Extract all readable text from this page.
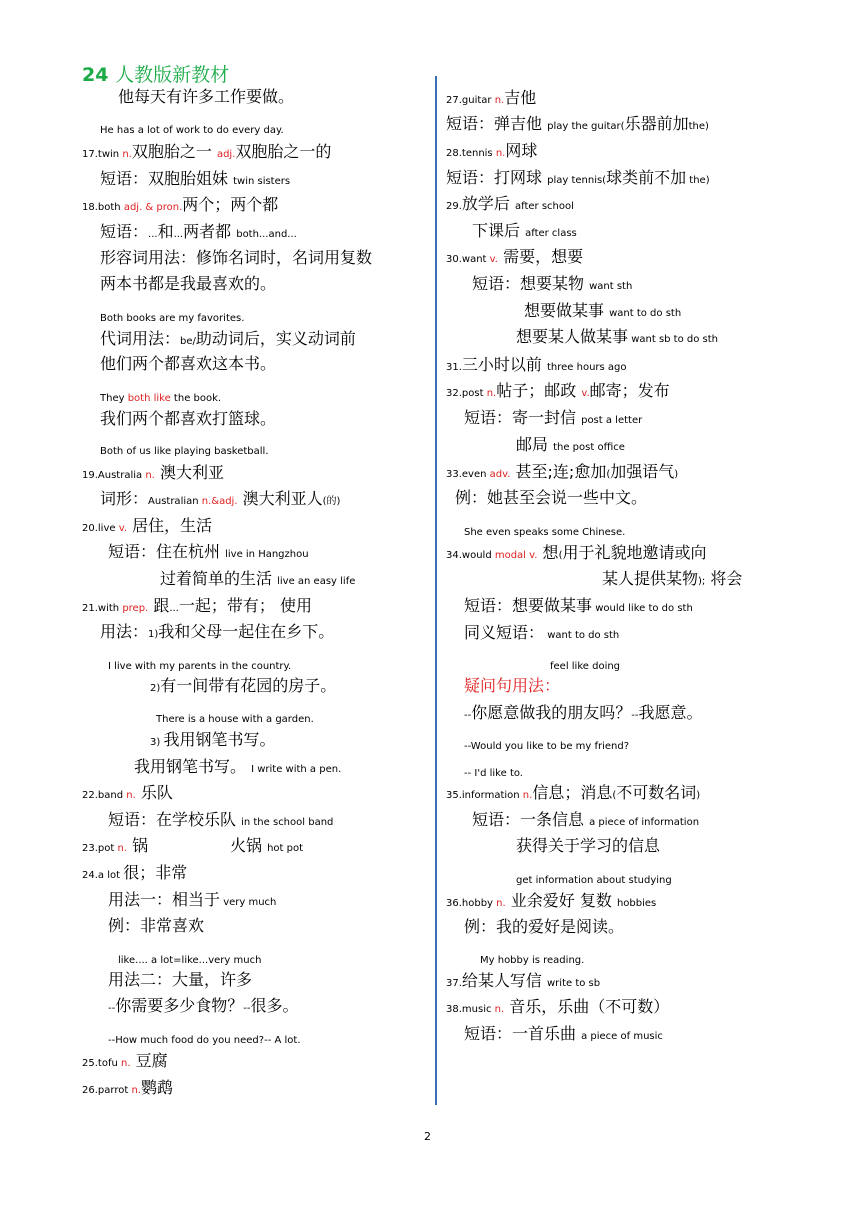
24 人教版新教材
他每天有许多工作要做。
He has a lot of work to do every day.
17.twin n.双胞胎之一 adj.双胞胎之一的
短语：双胞胎姐妹 twin sisters
18.both adj. & pron.两个；两个都
短语：...和...两者都 both...and...
形容词用法：修饰名词时，名词用复数
两本书都是我最喜欢的。
Both books are my favorites.
代词用法：be/助动词后，实义动词前
他们两个都喜欢这本书。
They both like the book.
我们两个都喜欢打篮球。
Both of us like playing basketball.
19.Australia n. 澳大利亚
词形：Australian n.&adj. 澳大利亚人(的)
20.live v. 居住，生活
短语：住在杭州 live in Hangzhou
过着简单的生活 live an easy life
21.with prep. 跟...一起；带有； 使用
用法：1)我和父母一起住在乡下。
I live with my parents in the country.
2)有一间带有花园的房子。
There is a house with a garden.
3) 我用钢笔书写。
我用钢笔书写。 I write with a pen.
22.band n. 乐队
短语：在学校乐队 in the school band
23.pot n. 锅	火锅 hot pot
24.a lot 很；非常
用法一：相当于 very much
例：非常喜欢
like.... a lot=like...very much
用法二：大量，许多
--你需要多少食物？--很多。
--How much food do you need?-- A lot.
25.tofu n. 豆腐
26.parrot n.鹦鹉
27.guitar n.吉他
短语：弹吉他 play the guitar(乐器前加the)
28.tennis n.网球
短语：打网球 play tennis(球类前不加 the)
29.放学后 after school
下课后 after class
30.want v. 需要，想要
短语：想要某物 want sth
想要做某事 want to do sth
想要某人做某事 want sb to do sth
31.三小时以前 three hours ago
32.post n.帖子；邮政 v.邮寄；发布
短语：寄一封信 post a letter
邮局 the post office
33.even adv. 甚至;连;愈加(加强语气)
例：她甚至会说一些中文。
She even speaks some Chinese.
34.would modal v. 想(用于礼貌地邀请或向
某人提供某物); 将会
短语：想要做某事 would like to do sth
同义短语： want to do sth
feel like doing
疑问句用法：
--你愿意做我的朋友吗？--我愿意。
--Would you like to be my friend?
-- I'd like to.
35.information n.信息；消息(不可数名词)
短语：一条信息 a piece of information
获得关于学习的信息
get information about studying
36.hobby n. 业余爱好 复数 hobbies
例：我的爱好是阅读。
My hobby is reading.
37.给某人写信 write to sb
38.music n. 音乐，乐曲（不可数）
短语：一首乐曲 a piece of music
2
